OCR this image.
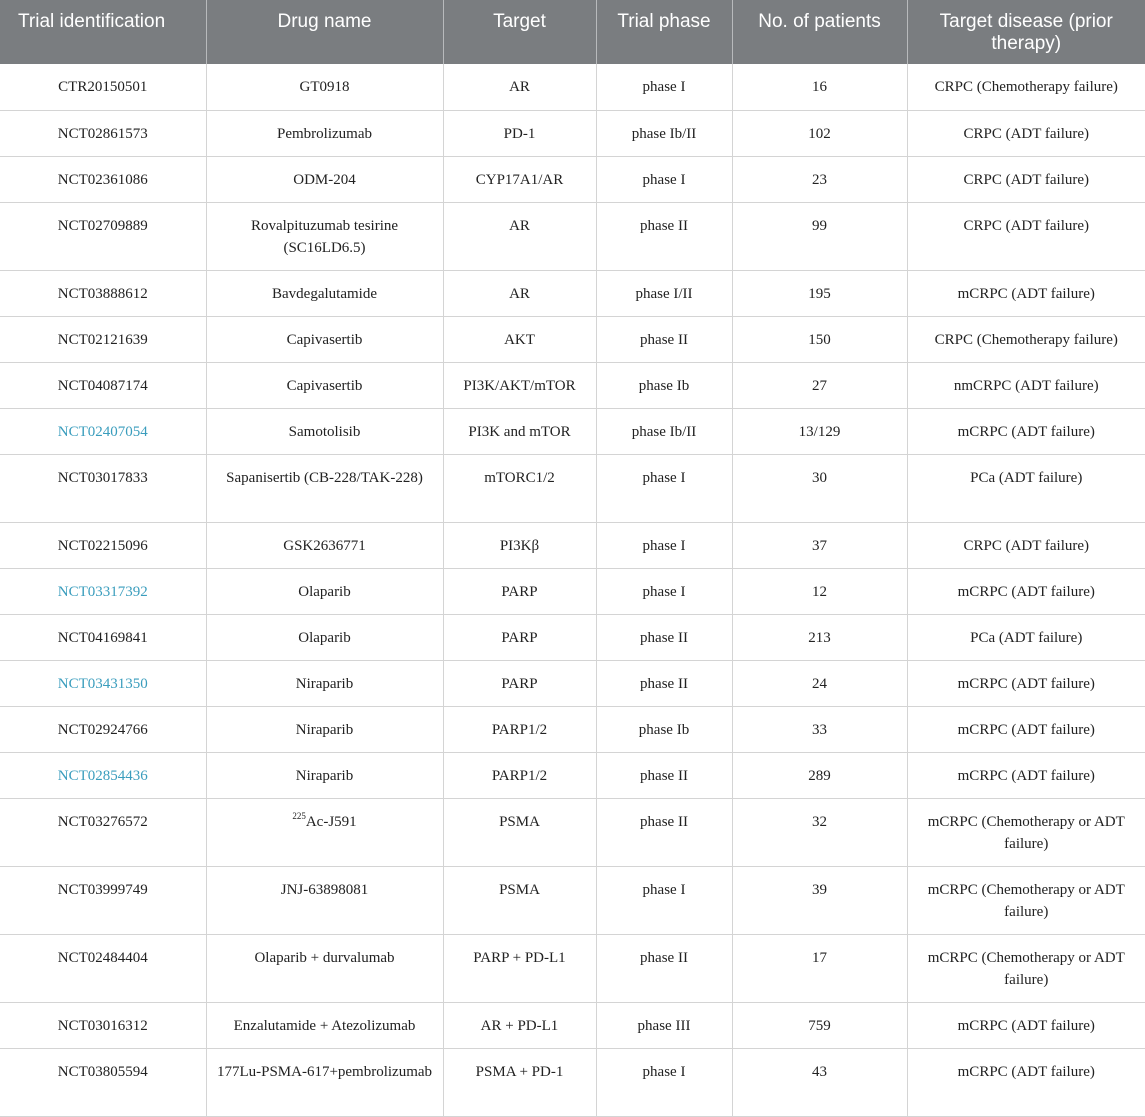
Trial identification	Drug name	Target	Trial phase	No. of patients	Target disease (prior therapy)
CTR20150501	GT0918	AR	phase I	16	CRPC (Chemotherapy failure)
NCT02861573	Pembrolizumab	PD-1	phase Ib/II	102	CRPC (ADT failure)
NCT02361086	ODM-204	CYP17A1/AR	phase I	23	CRPC (ADT failure)
NCT02709889	Rovalpituzumab tesirine (SC16LD6.5)	AR	phase II	99	CRPC (ADT failure)
NCT03888612	Bavdegalutamide	AR	phase I/II	195	mCRPC (ADT failure)
NCT02121639	Capivasertib	AKT	phase II	150	CRPC (Chemotherapy failure)
NCT04087174	Capivasertib	PI3K/AKT/mTOR	phase Ib	27	nmCRPC (ADT failure)
NCT02407054	Samotolisib	PI3K and mTOR	phase Ib/II	13/129	mCRPC (ADT failure)
NCT03017833	Sapanisertib (CB-228/TAK-228)	mTORC1/2	phase I	30	PCa (ADT failure)
NCT02215096	GSK2636771	PI3Kβ	phase I	37	CRPC (ADT failure)
NCT03317392	Olaparib	PARP	phase I	12	mCRPC (ADT failure)
NCT04169841	Olaparib	PARP	phase II	213	PCa (ADT failure)
NCT03431350	Niraparib	PARP	phase II	24	mCRPC (ADT failure)
NCT02924766	Niraparib	PARP1/2	phase Ib	33	mCRPC (ADT failure)
NCT02854436	Niraparib	PARP1/2	phase II	289	mCRPC (ADT failure)
NCT03276572	$^{225}$Ac-J591	PSMA	phase II	32	mCRPC (Chemotherapy or ADT failure)
NCT03999749	JNJ-63898081	PSMA	phase I	39	mCRPC (Chemotherapy or ADT failure)
NCT02484404	Olaparib + durvalumab	PARP + PD-L1	phase II	17	mCRPC (Chemotherapy or ADT failure)
NCT03016312	Enzalutamide + Atezolizumab	AR + PD-L1	phase III	759	mCRPC (ADT failure)
NCT03805594	177Lu-PSMA-617+pembrolizumab	PSMA + PD-1	phase I	43	mCRPC (ADT failure)
